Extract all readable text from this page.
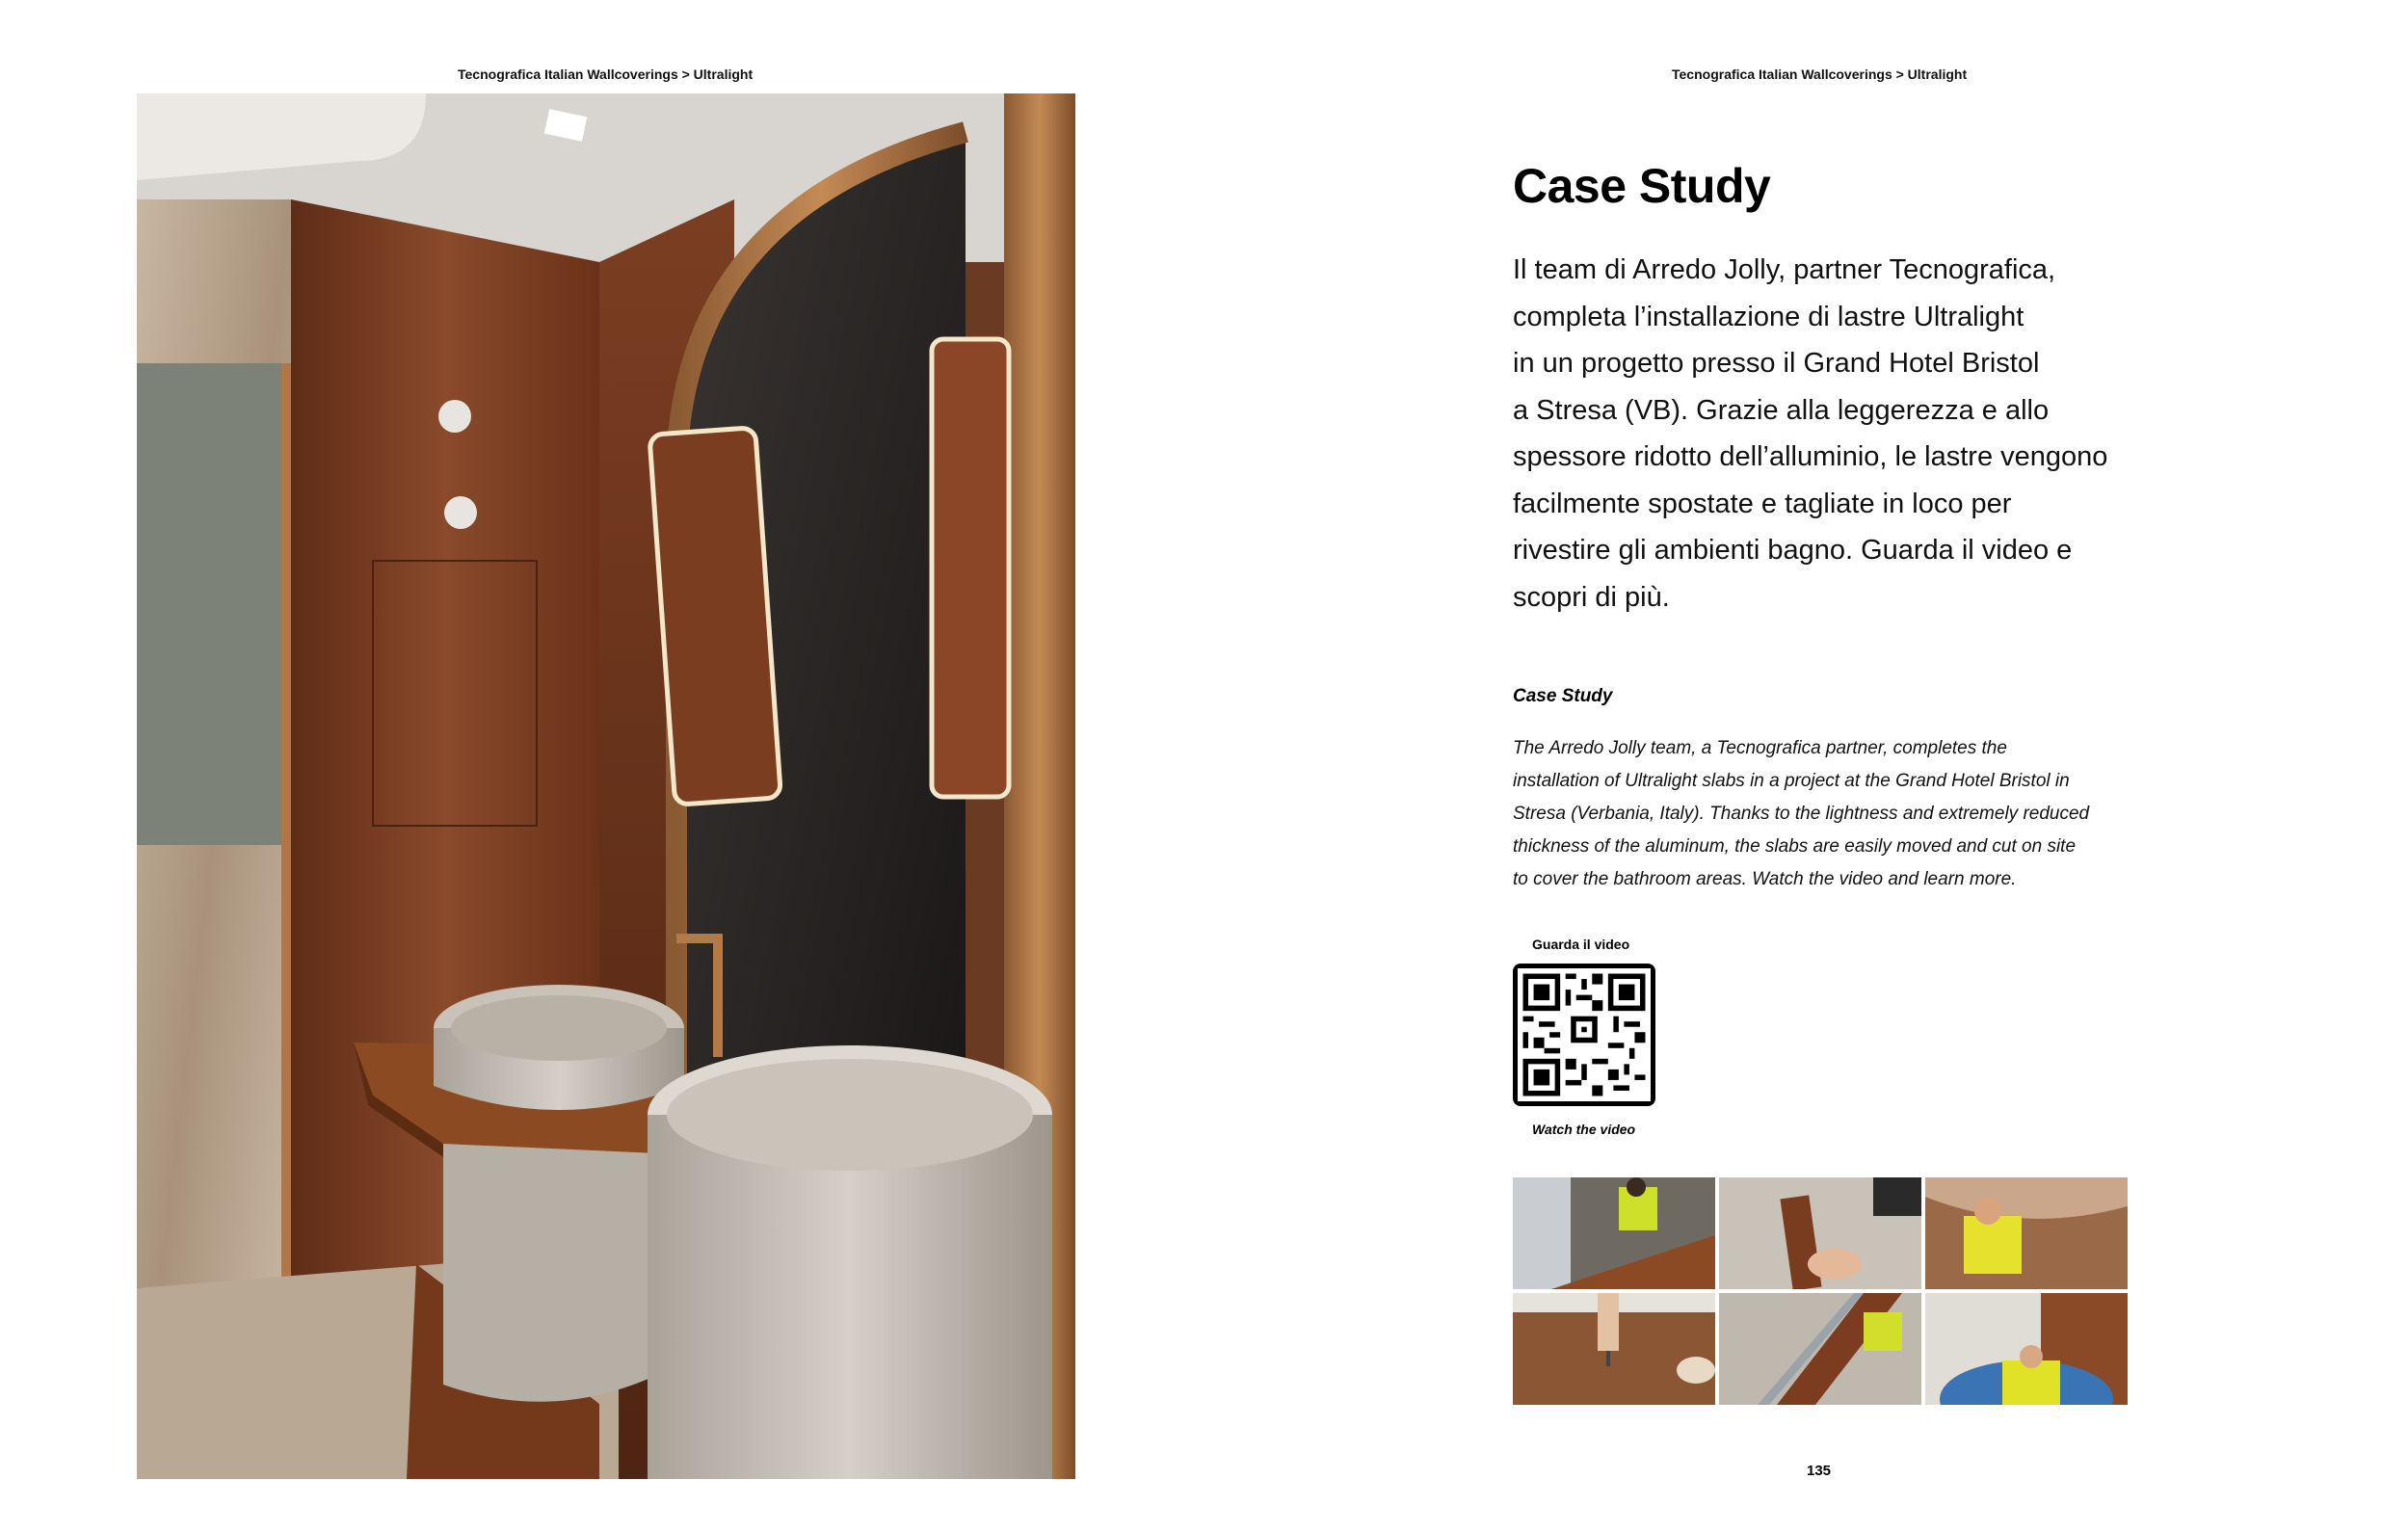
Tecnografica Italian Wallcoverings > Ultralight	Tecnografica Italian Wallcoverings > Ultralight
Case Study

Il team di Arredo Jolly, partner Tecnografica,
completa l’installazione di lastre Ultralight
in un progetto presso il Grand Hotel Bristol
a Stresa (VB). Grazie alla leggerezza e allo
spessore ridotto dell’alluminio, le lastre vengono
facilmente spostate e tagliate in loco per
rivestire gli ambienti bagno. Guarda il video e
scopri di più.

Case Study

The Arredo Jolly team, a Tecnografica partner, completes the
installation of Ultralight slabs in a project at the Grand Hotel Bristol in
Stresa (Verbania, Italy). Thanks to the lightness and extremely reduced
thickness of the aluminum, the slabs are easily moved and cut on site
to cover the bathroom areas. Watch the video and learn more.

Guarda il video
Watch the video
135
